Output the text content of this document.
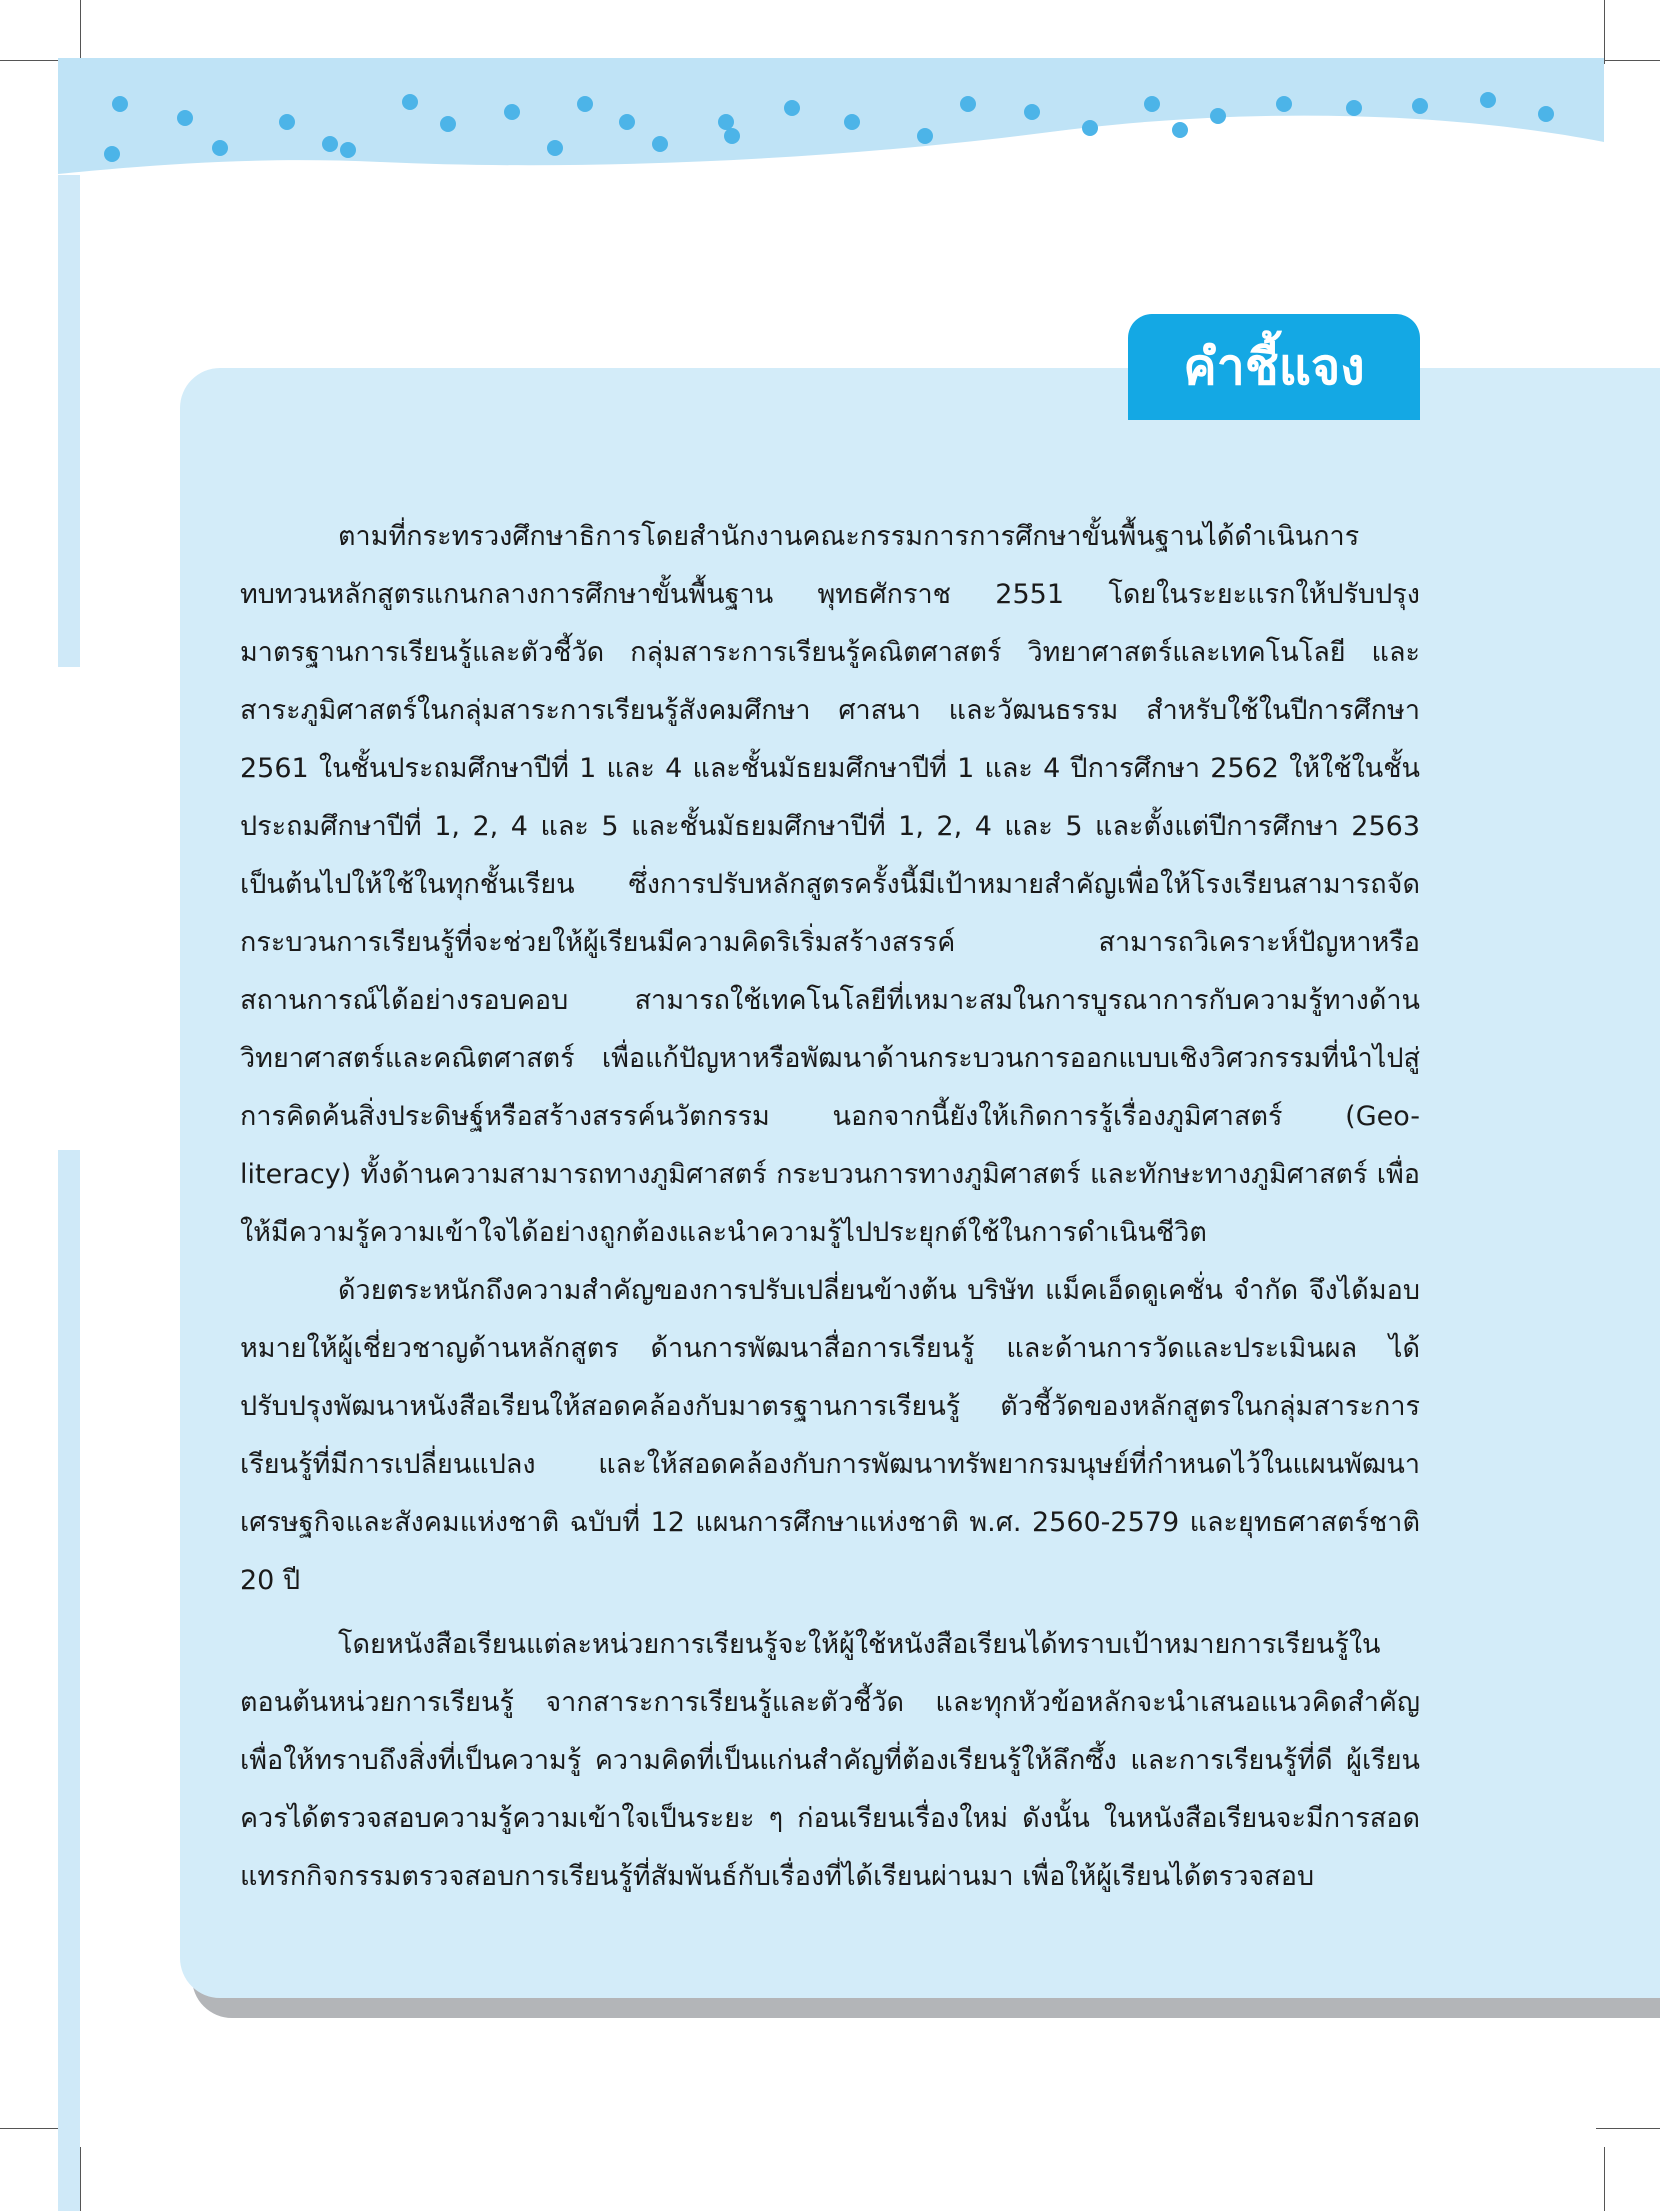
คำชี้แจง

ตามที่กระทรวงศึกษาธิการโดยสำนักงานคณะกรรมการการศึกษาขั้นพื้นฐานได้ดำเนินการทบทวนหลักสูตรแกนกลางการศึกษาขั้นพื้นฐาน พุทธศักราช 2551 โดยในระยะแรกให้ปรับปรุงมาตรฐานการเรียนรู้และตัวชี้วัด กลุ่มสาระการเรียนรู้คณิตศาสตร์ วิทยาศาสตร์และเทคโนโลยี และสาระภูมิศาสตร์ในกลุ่มสาระการเรียนรู้สังคมศึกษา ศาสนา และวัฒนธรรม สำหรับใช้ในปีการศึกษา 2561 ในชั้นประถมศึกษาปีที่ 1 และ 4 และชั้นมัธยมศึกษาปีที่ 1 และ 4 ปีการศึกษา 2562 ให้ใช้ในชั้นประถมศึกษาปีที่ 1, 2, 4 และ 5 และชั้นมัธยมศึกษาปีที่ 1, 2, 4 และ 5 และตั้งแต่ปีการศึกษา 2563 เป็นต้นไปให้ใช้ในทุกชั้นเรียน ซึ่งการปรับหลักสูตรครั้งนี้มีเป้าหมายสำคัญเพื่อให้โรงเรียนสามารถจัดกระบวนการเรียนรู้ที่จะช่วยให้ผู้เรียนมีความคิดริเริ่มสร้างสรรค์ สามารถวิเคราะห์ปัญหาหรือสถานการณ์ได้อย่างรอบคอบ สามารถใช้เทคโนโลยีที่เหมาะสมในการบูรณาการกับความรู้ทางด้านวิทยาศาสตร์และคณิตศาสตร์ เพื่อแก้ปัญหาหรือพัฒนาด้านกระบวนการออกแบบเชิงวิศวกรรมที่นำไปสู่การคิดค้นสิ่งประดิษฐ์หรือสร้างสรรค์นวัตกรรม นอกจากนี้ยังให้เกิดการรู้เรื่องภูมิศาสตร์ (Geo-literacy) ทั้งด้านความสามารถทางภูมิศาสตร์ กระบวนการทางภูมิศาสตร์ และทักษะทางภูมิศาสตร์ เพื่อให้มีความรู้ความเข้าใจได้อย่างถูกต้องและนำความรู้ไปประยุกต์ใช้ในการดำเนินชีวิต

ด้วยตระหนักถึงความสำคัญของการปรับเปลี่ยนข้างต้น บริษัท แม็คเอ็ดดูเคชั่น จำกัด จึงได้มอบหมายให้ผู้เชี่ยวชาญด้านหลักสูตร ด้านการพัฒนาสื่อการเรียนรู้ และด้านการวัดและประเมินผล ได้ปรับปรุงพัฒนาหนังสือเรียนให้สอดคล้องกับมาตรฐานการเรียนรู้ ตัวชี้วัดของหลักสูตรในกลุ่มสาระการเรียนรู้ที่มีการเปลี่ยนแปลง และให้สอดคล้องกับการพัฒนาทรัพยากรมนุษย์ที่กำหนดไว้ในแผนพัฒนาเศรษฐกิจและสังคมแห่งชาติ ฉบับที่ 12 แผนการศึกษาแห่งชาติ พ.ศ. 2560-2579 และยุทธศาสตร์ชาติ 20 ปี

โดยหนังสือเรียนแต่ละหน่วยการเรียนรู้จะให้ผู้ใช้หนังสือเรียนได้ทราบเป้าหมายการเรียนรู้ในตอนต้นหน่วยการเรียนรู้ จากสาระการเรียนรู้และตัวชี้วัด และทุกหัวข้อหลักจะนำเสนอแนวคิดสำคัญ เพื่อให้ทราบถึงสิ่งที่เป็นความรู้ ความคิดที่เป็นแก่นสำคัญที่ต้องเรียนรู้ให้ลึกซึ้ง และการเรียนรู้ที่ดี ผู้เรียนควรได้ตรวจสอบความรู้ความเข้าใจเป็นระยะ ๆ ก่อนเรียนเรื่องใหม่ ดังนั้น ในหนังสือเรียนจะมีการสอดแทรกกิจกรรมตรวจสอบการเรียนรู้ที่สัมพันธ์กับเรื่องที่ได้เรียนผ่านมา เพื่อให้ผู้เรียนได้ตรวจสอบ
